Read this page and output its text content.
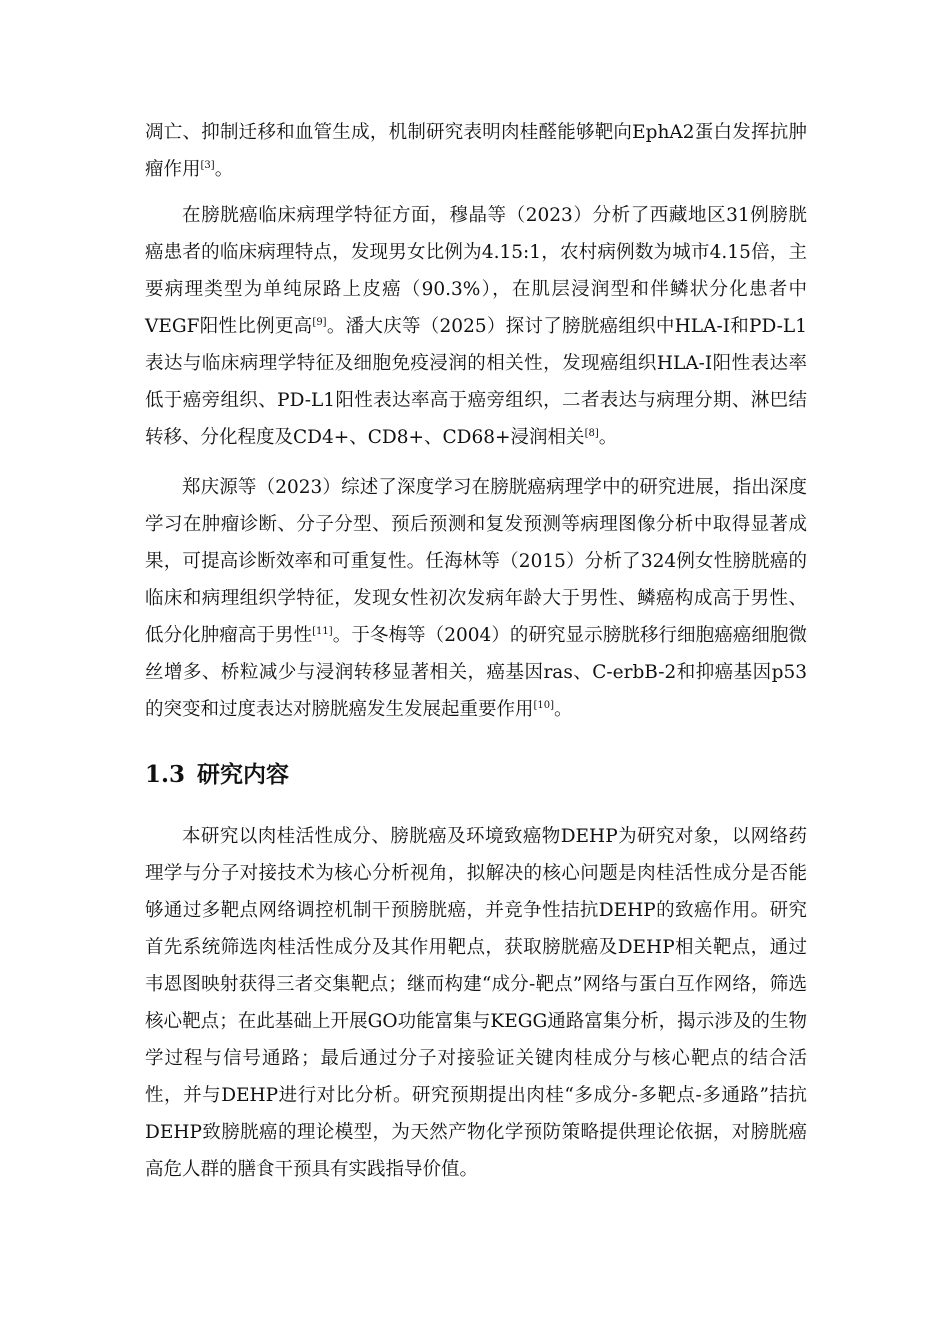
凋亡、抑制迁移和血管生成，机制研究表明肉桂醛能够靶向EphA2蛋白发挥抗肿瘤作用[3]。

在膀胱癌临床病理学特征方面，穆晶等（2023）分析了西藏地区31例膀胱癌患者的临床病理特点，发现男女比例为4.15:1，农村病例数为城市4.15倍，主要病理类型为单纯尿路上皮癌（90.3%），在肌层浸润型和伴鳞状分化患者中VEGF阳性比例更高[9]。潘大庆等（2025）探讨了膀胱癌组织中HLA-I和PD-L1表达与临床病理学特征及细胞免疫浸润的相关性，发现癌组织HLA-I阳性表达率低于癌旁组织、PD-L1阳性表达率高于癌旁组织，二者表达与病理分期、淋巴结转移、分化程度及CD4+、CD8+、CD68+浸润相关[8]。

郑庆源等（2023）综述了深度学习在膀胱癌病理学中的研究进展，指出深度学习在肿瘤诊断、分子分型、预后预测和复发预测等病理图像分析中取得显著成果，可提高诊断效率和可重复性。任海林等（2015）分析了324例女性膀胱癌的临床和病理组织学特征，发现女性初次发病年龄大于男性、鳞癌构成高于男性、低分化肿瘤高于男性[11]。于冬梅等（2004）的研究显示膀胱移行细胞癌癌细胞微丝增多、桥粒减少与浸润转移显著相关，癌基因ras、C-erbB-2和抑癌基因p53的突变和过度表达对膀胱癌发生发展起重要作用[10]。

1.3 研究内容

本研究以肉桂活性成分、膀胱癌及环境致癌物DEHP为研究对象，以网络药理学与分子对接技术为核心分析视角，拟解决的核心问题是肉桂活性成分是否能够通过多靶点网络调控机制干预膀胱癌，并竞争性拮抗DEHP的致癌作用。研究首先系统筛选肉桂活性成分及其作用靶点，获取膀胱癌及DEHP相关靶点，通过韦恩图映射获得三者交集靶点；继而构建“成分-靶点”网络与蛋白互作网络，筛选核心靶点；在此基础上开展GO功能富集与KEGG通路富集分析，揭示涉及的生物学过程与信号通路；最后通过分子对接验证关键肉桂成分与核心靶点的结合活性，并与DEHP进行对比分析。研究预期提出肉桂“多成分-多靶点-多通路”拮抗DEHP致膀胱癌的理论模型，为天然产物化学预防策略提供理论依据，对膀胱癌高危人群的膳食干预具有实践指导价值。
